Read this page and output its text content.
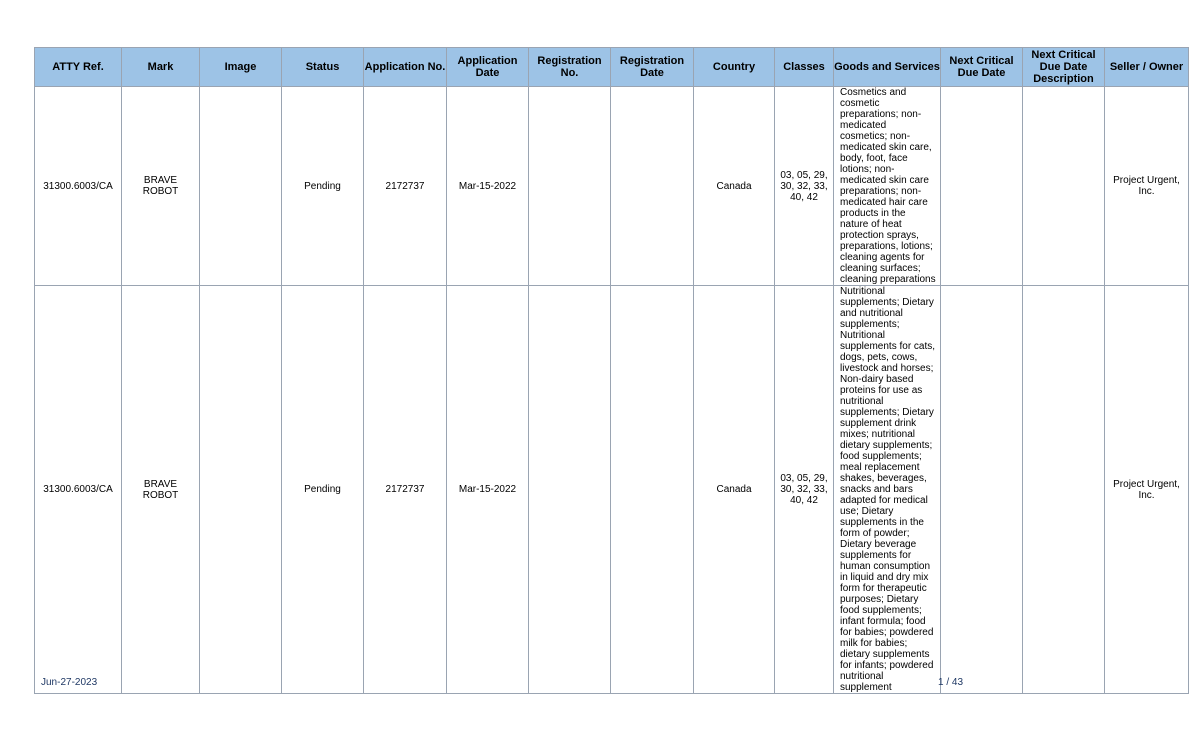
ATTY Ref.	Mark	Image	Status	Application No.	Application Date	Registration No.	Registration Date	Country	Classes	Goods and Services	Next Critical Due Date	Next Critical Due Date Description	Seller / Owner
31300.6003/CA	BRAVE ROBOT		Pending	2172737	Mar-15-2022			Canada	03, 05, 29, 30, 32, 33, 40, 42	Cosmetics and cosmetic preparations; non-medicated cosmetics; non-medicated skin care, body, foot, face lotions; non-medicated skin care preparations; non-medicated hair care products in the nature of heat protection sprays, preparations, lotions; cleaning agents for cleaning surfaces; cleaning preparations			Project Urgent, Inc.
31300.6003/CA	BRAVE ROBOT		Pending	2172737	Mar-15-2022			Canada	03, 05, 29, 30, 32, 33, 40, 42	Nutritional supplements; Dietary and nutritional supplements; Nutritional supplements for cats, dogs, pets, cows, livestock and horses; Non-dairy based proteins for use as nutritional supplements; Dietary supplement drink mixes; nutritional dietary supplements; food supplements; meal replacement shakes, beverages, snacks and bars adapted for medical use; Dietary supplements in the form of powder; Dietary beverage supplements for human consumption in liquid and dry mix form for therapeutic purposes; Dietary food supplements; infant formula; food for babies; powdered milk for babies; dietary supplements for infants; powdered nutritional supplement			Project Urgent, Inc.
Jun-27-2023	1 / 43
